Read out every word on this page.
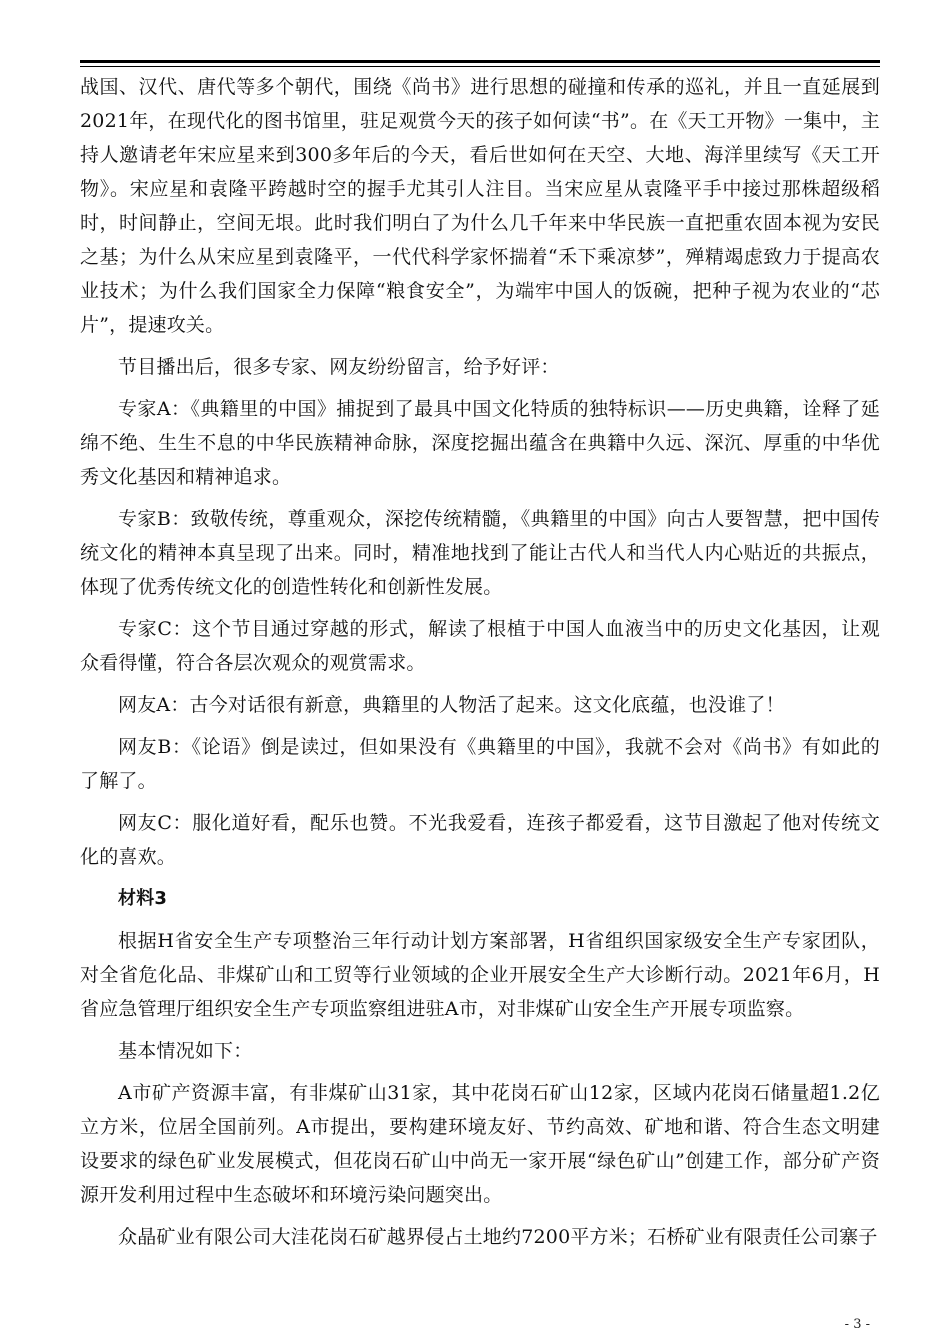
战国、汉代、唐代等多个朝代，围绕《尚书》进行思想的碰撞和传承的巡礼，并且一直延展到2021年，在现代化的图书馆里，驻足观赏今天的孩子如何读“书”。在《天工开物》一集中，主持人邀请老年宋应星来到300多年后的今天，看后世如何在天空、大地、海洋里续写《天工开物》。宋应星和袁隆平跨越时空的握手尤其引人注目。当宋应星从袁隆平手中接过那株超级稻时，时间静止，空间无垠。此时我们明白了为什么几千年来中华民族一直把重农固本视为安民之基；为什么从宋应星到袁隆平，一代代科学家怀揣着“禾下乘凉梦”，殚精竭虑致力于提高农业技术；为什么我们国家全力保障“粮食安全”，为端牢中国人的饭碗，把种子视为农业的“芯片”，提速攻关。

节目播出后，很多专家、网友纷纷留言，给予好评：

专家A：《典籍里的中国》捕捉到了最具中国文化特质的独特标识——历史典籍，诠释了延绵不绝、生生不息的中华民族精神命脉，深度挖掘出蕴含在典籍中久远、深沉、厚重的中华优秀文化基因和精神追求。

专家B：致敬传统，尊重观众，深挖传统精髓，《典籍里的中国》向古人要智慧，把中国传统文化的精神本真呈现了出来。同时，精准地找到了能让古代人和当代人内心贴近的共振点，体现了优秀传统文化的创造性转化和创新性发展。

专家C：这个节目通过穿越的形式，解读了根植于中国人血液当中的历史文化基因，让观众看得懂，符合各层次观众的观赏需求。

网友A：古今对话很有新意，典籍里的人物活了起来。这文化底蕴，也没谁了！

网友B：《论语》倒是读过，但如果没有《典籍里的中国》，我就不会对《尚书》有如此的了解了。

网友C：服化道好看，配乐也赞。不光我爱看，连孩子都爱看，这节目激起了他对传统文化的喜欢。

材料3

根据H省安全生产专项整治三年行动计划方案部署，H省组织国家级安全生产专家团队，对全省危化品、非煤矿山和工贸等行业领域的企业开展安全生产大诊断行动。2021年6月，H省应急管理厅组织安全生产专项监察组进驻A市，对非煤矿山安全生产开展专项监察。

基本情况如下：

A市矿产资源丰富，有非煤矿山31家，其中花岗石矿山12家，区域内花岗石储量超1.2亿立方米，位居全国前列。A市提出，要构建环境友好、节约高效、矿地和谐、符合生态文明建设要求的绿色矿业发展模式，但花岗石矿山中尚无一家开展“绿色矿山”创建工作，部分矿产资源开发利用过程中生态破坏和环境污染问题突出。

众晶矿业有限公司大洼花岗石矿越界侵占土地约7200平方米；石桥矿业有限责任公司寨子

- 3 -
